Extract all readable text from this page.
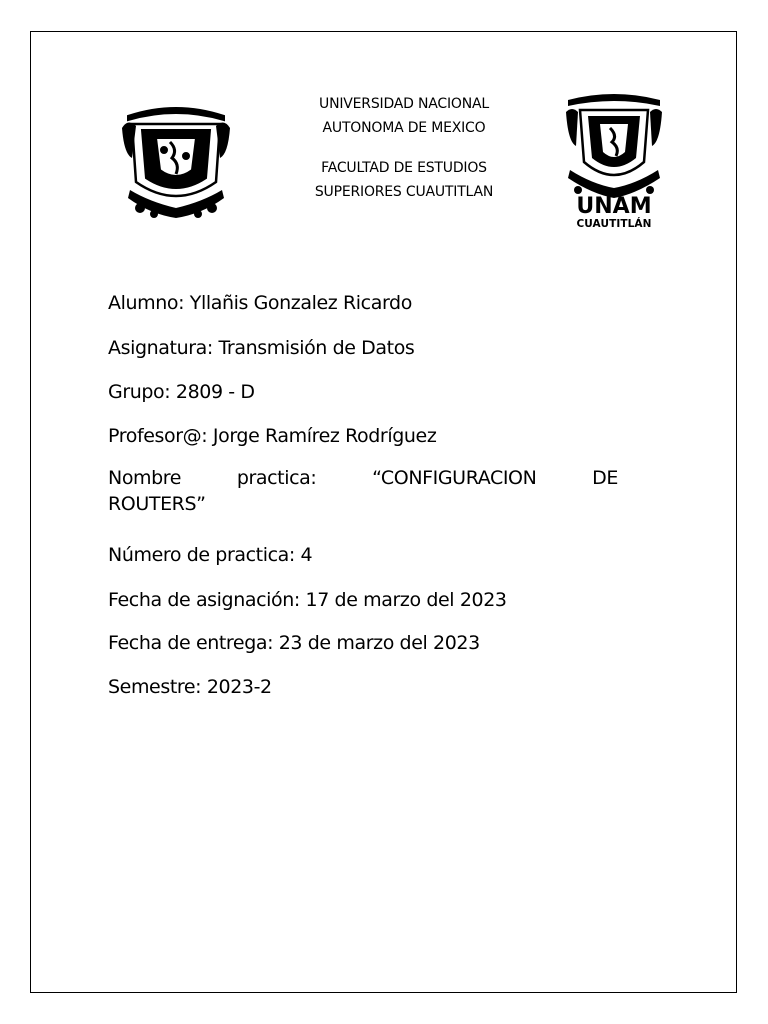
UNAM
CUAUTITLÁN
UNIVERSIDAD NACIONAL
AUTONOMA DE MEXICO
FACULTAD DE ESTUDIOS
SUPERIORES CUAUTITLAN
Alumno: Yllañis Gonzalez Ricardo
Asignatura: Transmisión de Datos
Grupo: 2809 - D
Profesor@: Jorge Ramírez Rodríguez
Nombre	practica:	“CONFIGURACION	DE
ROUTERS”
Número de practica: 4
Fecha de asignación: 17 de marzo del 2023
Fecha de entrega: 23 de marzo del 2023
Semestre: 2023-2
